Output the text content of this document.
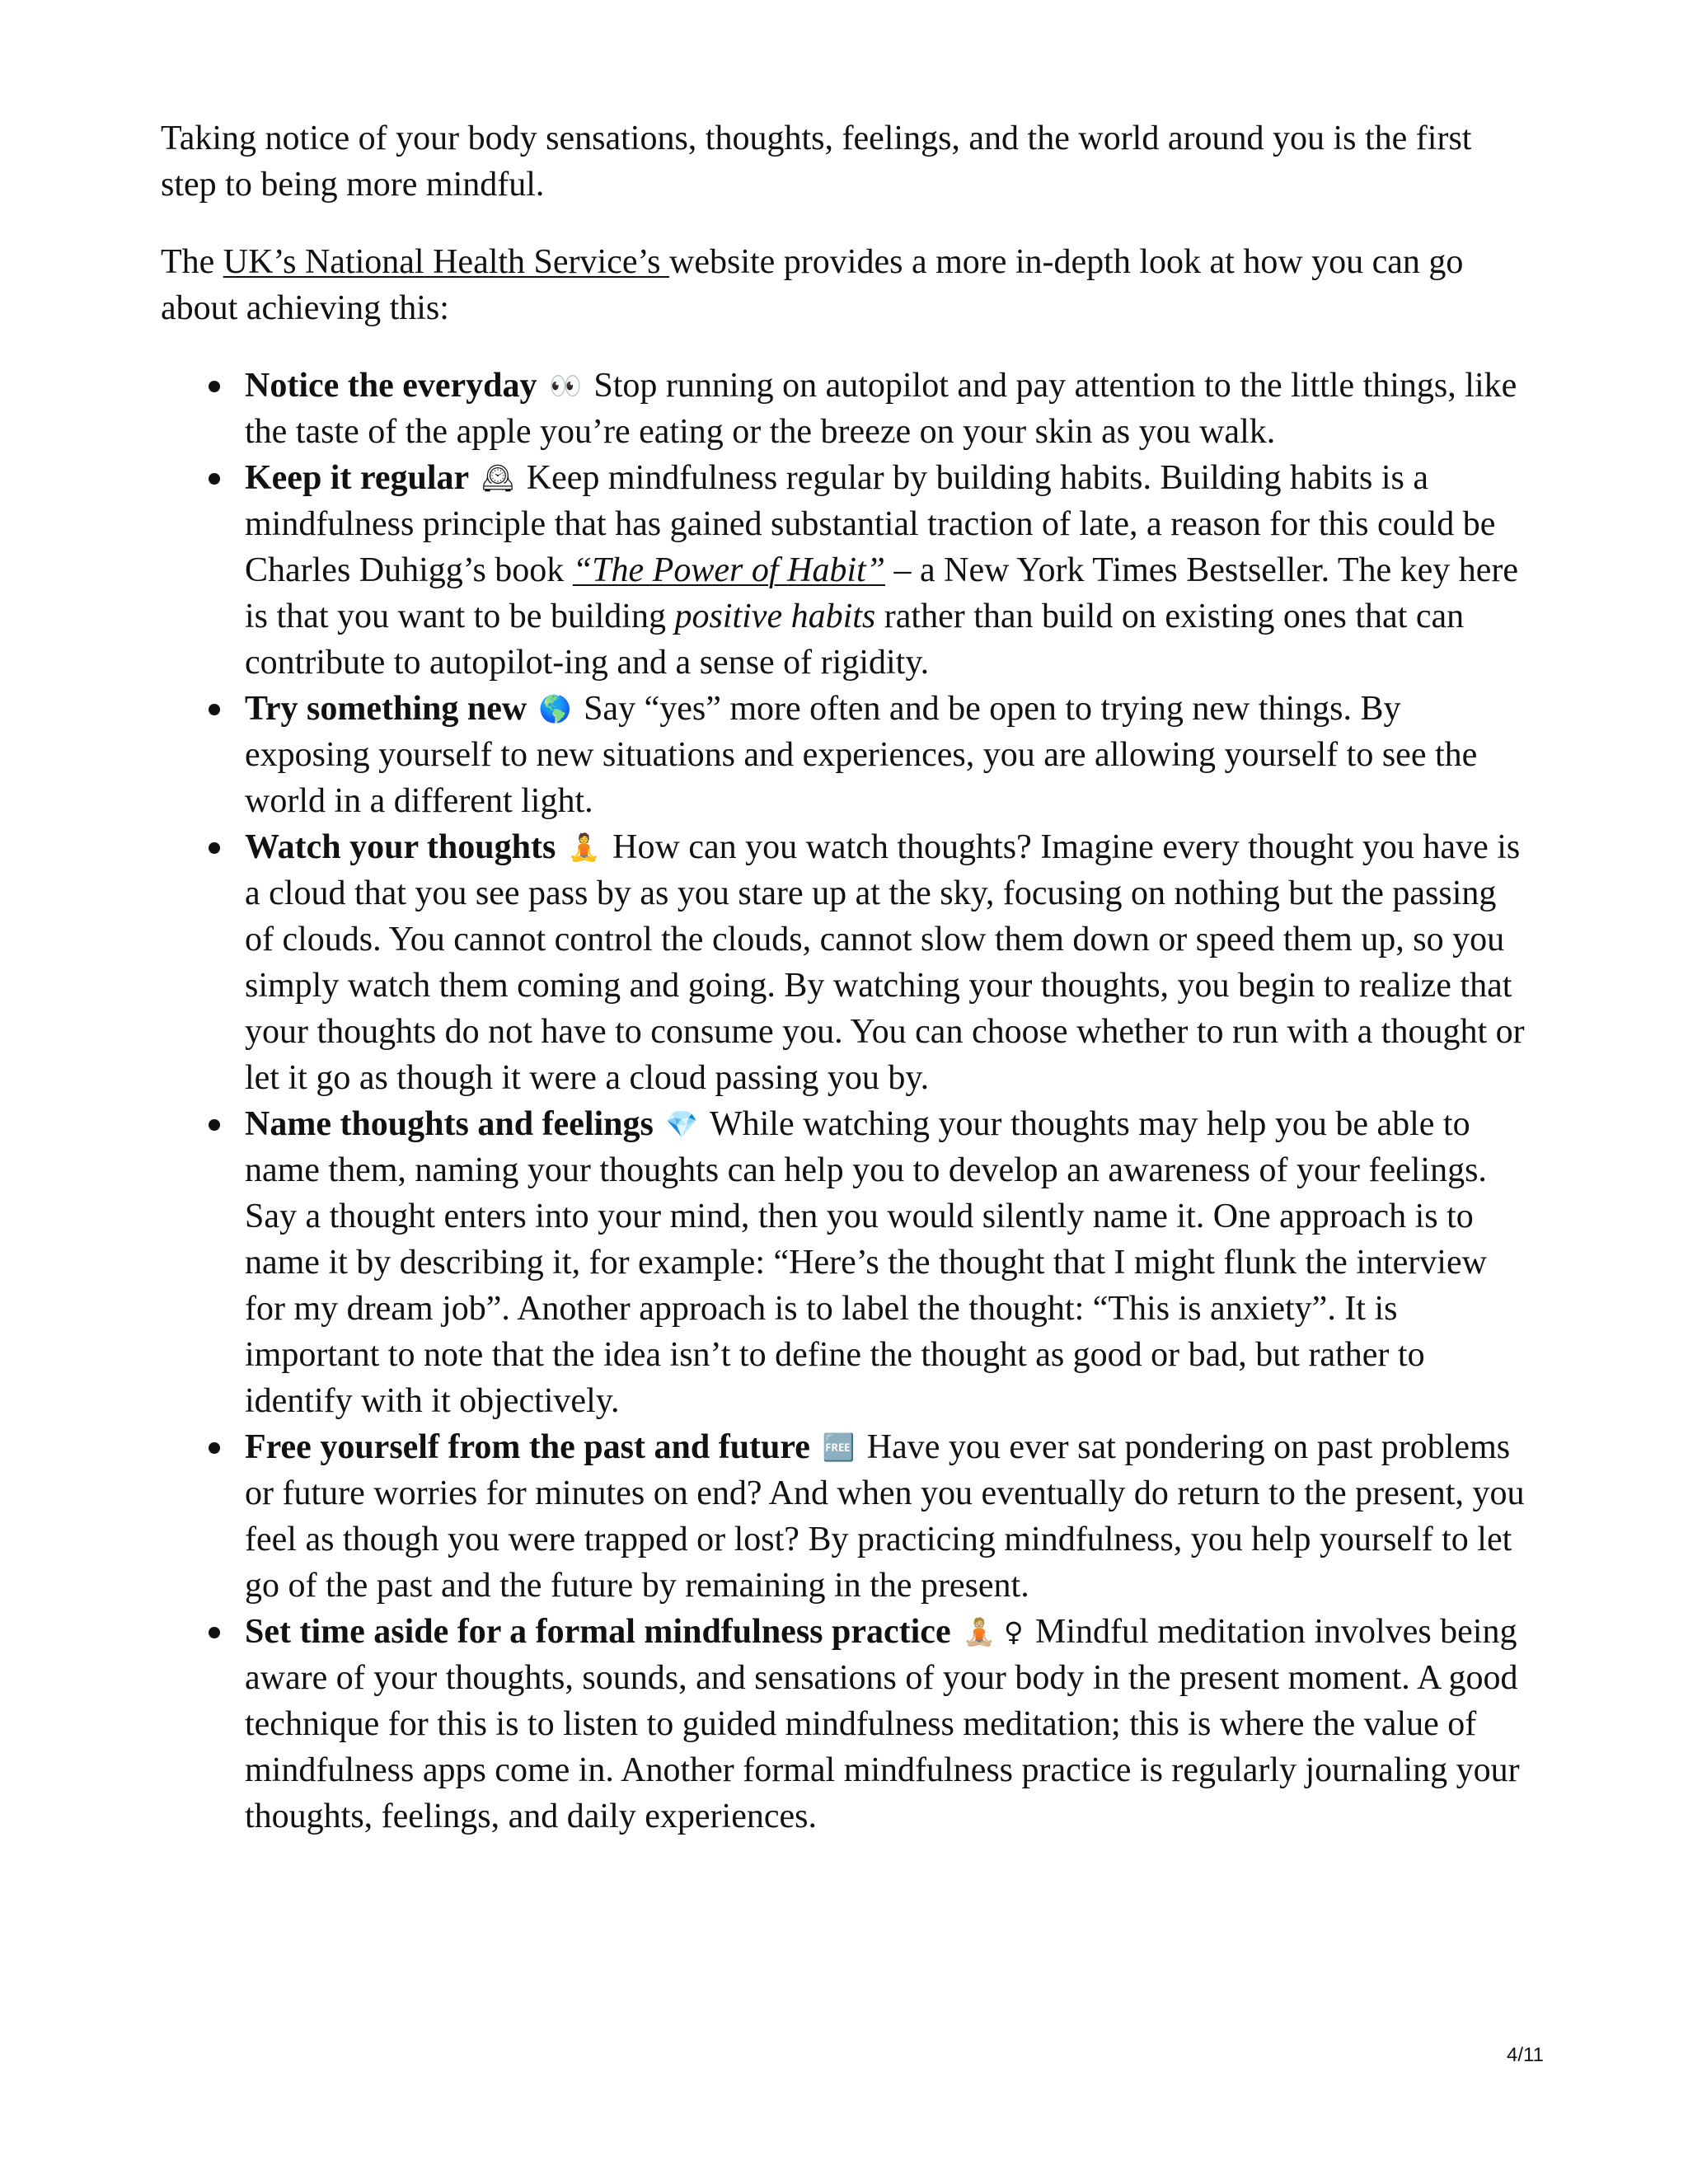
Taking notice of your body sensations, thoughts, feelings, and the world around you is the first step to being more mindful.

The UK’s National Health Service’s website provides a more in-depth look at how you can go about achieving this:

Notice the everyday 👀 Stop running on autopilot and pay attention to the little things, like the taste of the apple you’re eating or the breeze on your skin as you walk.
Keep it regular 🕰 Keep mindfulness regular by building habits. Building habits is a mindfulness principle that has gained substantial traction of late, a reason for this could be Charles Duhigg’s book “The Power of Habit” – a New York Times Bestseller. The key here is that you want to be building positive habits rather than build on existing ones that can contribute to autopilot-ing and a sense of rigidity.
Try something new 🌎 Say “yes” more often and be open to trying new things. By exposing yourself to new situations and experiences, you are allowing yourself to see the world in a different light.
Watch your thoughts 🧘 How can you watch thoughts? Imagine every thought you have is a cloud that you see pass by as you stare up at the sky, focusing on nothing but the passing of clouds. You cannot control the clouds, cannot slow them down or speed them up, so you simply watch them coming and going. By watching your thoughts, you begin to realize that your thoughts do not have to consume you. You can choose whether to run with a thought or let it go as though it were a cloud passing you by.
Name thoughts and feelings 💎 While watching your thoughts may help you be able to name them, naming your thoughts can help you to develop an awareness of your feelings. Say a thought enters into your mind, then you would silently name it. One approach is to name it by describing it, for example: “Here’s the thought that I might flunk the interview for my dream job”. Another approach is to label the thought: “This is anxiety”. It is important to note that the idea isn’t to define the thought as good or bad, but rather to identify with it objectively.
Free yourself from the past and future 🆓 Have you ever sat pondering on past problems or future worries for minutes on end? And when you eventually do return to the present, you feel as though you were trapped or lost? By practicing mindfulness, you help yourself to let go of the past and the future by remaining in the present.
Set time aside for a formal mindfulness practice 🧘🏼 ♀ Mindful meditation involves being aware of your thoughts, sounds, and sensations of your body in the present moment. A good technique for this is to listen to guided mindfulness meditation; this is where the value of mindfulness apps come in. Another formal mindfulness practice is regularly journaling your thoughts, feelings, and daily experiences.
4/11
